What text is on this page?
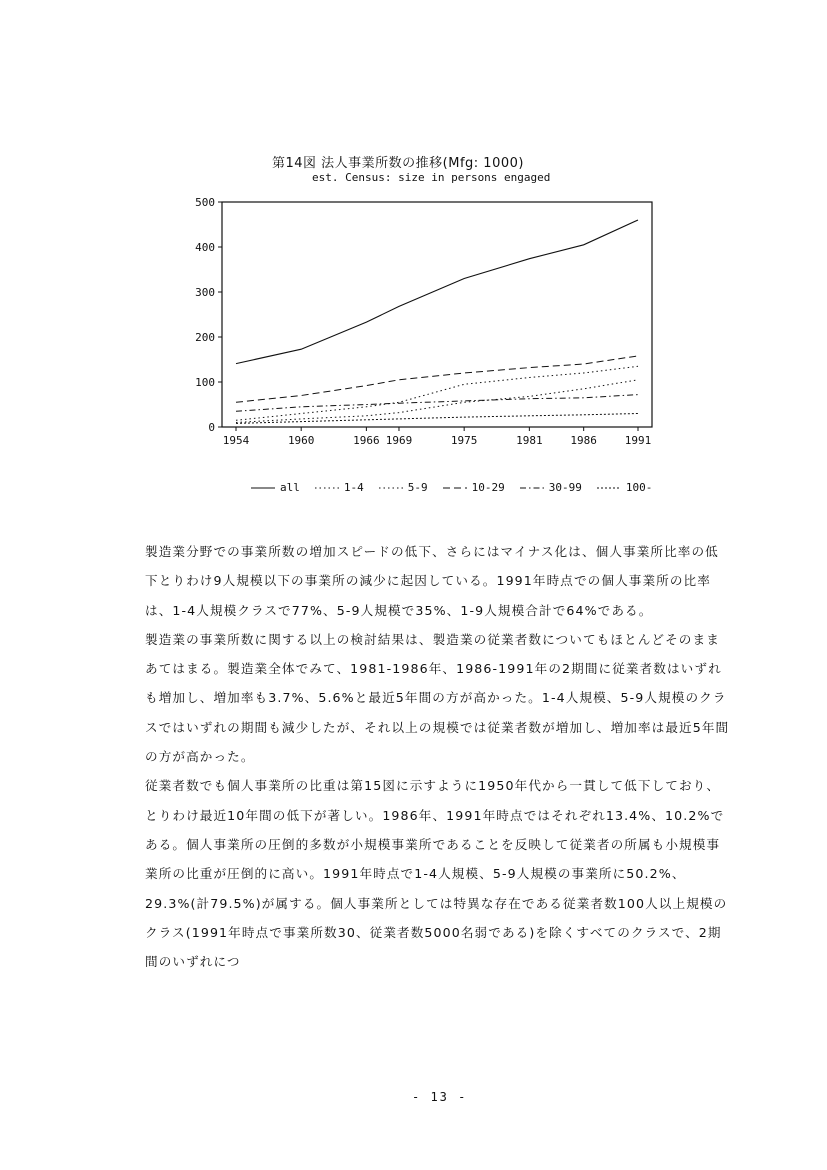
第14図 法人事業所数の推移(Mfg: 1000)
est. Census: size in persons engaged
0
100
200
300
400
500
1954	1960	1966 1969	1975	1981	1986	1991
all	1-4	5-9	10-29	30-99	100-

製造業分野での事業所数の増加スピードの低下、さらにはマイナス化は、個人事業所比率の低下とりわけ9人規模以下の事業所の減少に起因している。1991年時点での個人事業所の比率は、1-4人規模クラスで77%、5-9人規模で35%、1-9人規模合計で64%である。

製造業の事業所数に関する以上の検討結果は、製造業の従業者数についてもほとんどそのままあてはまる。製造業全体でみて、1981-1986年、1986-1991年の2期間に従業者数はいずれも増加し、増加率も3.7%、5.6%と最近5年間の方が高かった。1-4人規模、5-9人規模のクラスではいずれの期間も減少したが、それ以上の規模では従業者数が増加し、増加率は最近5年間の方が高かった。

従業者数でも個人事業所の比重は第15図に示すように1950年代から一貫して低下しており、とりわけ最近10年間の低下が著しい。1986年、1991年時点ではそれぞれ13.4%、10.2%である。個人事業所の圧倒的多数が小規模事業所であることを反映して従業者の所属も小規模事業所の比重が圧倒的に高い。1991年時点で1-4人規模、5-9人規模の事業所に50.2%、29.3%(計79.5%)が属する。個人事業所としては特異な存在である従業者数100人以上規模のクラス(1991年時点で事業所数30、従業者数5000名弱である)を除くすべてのクラスで、2期間のいずれにつ

- 13 -
